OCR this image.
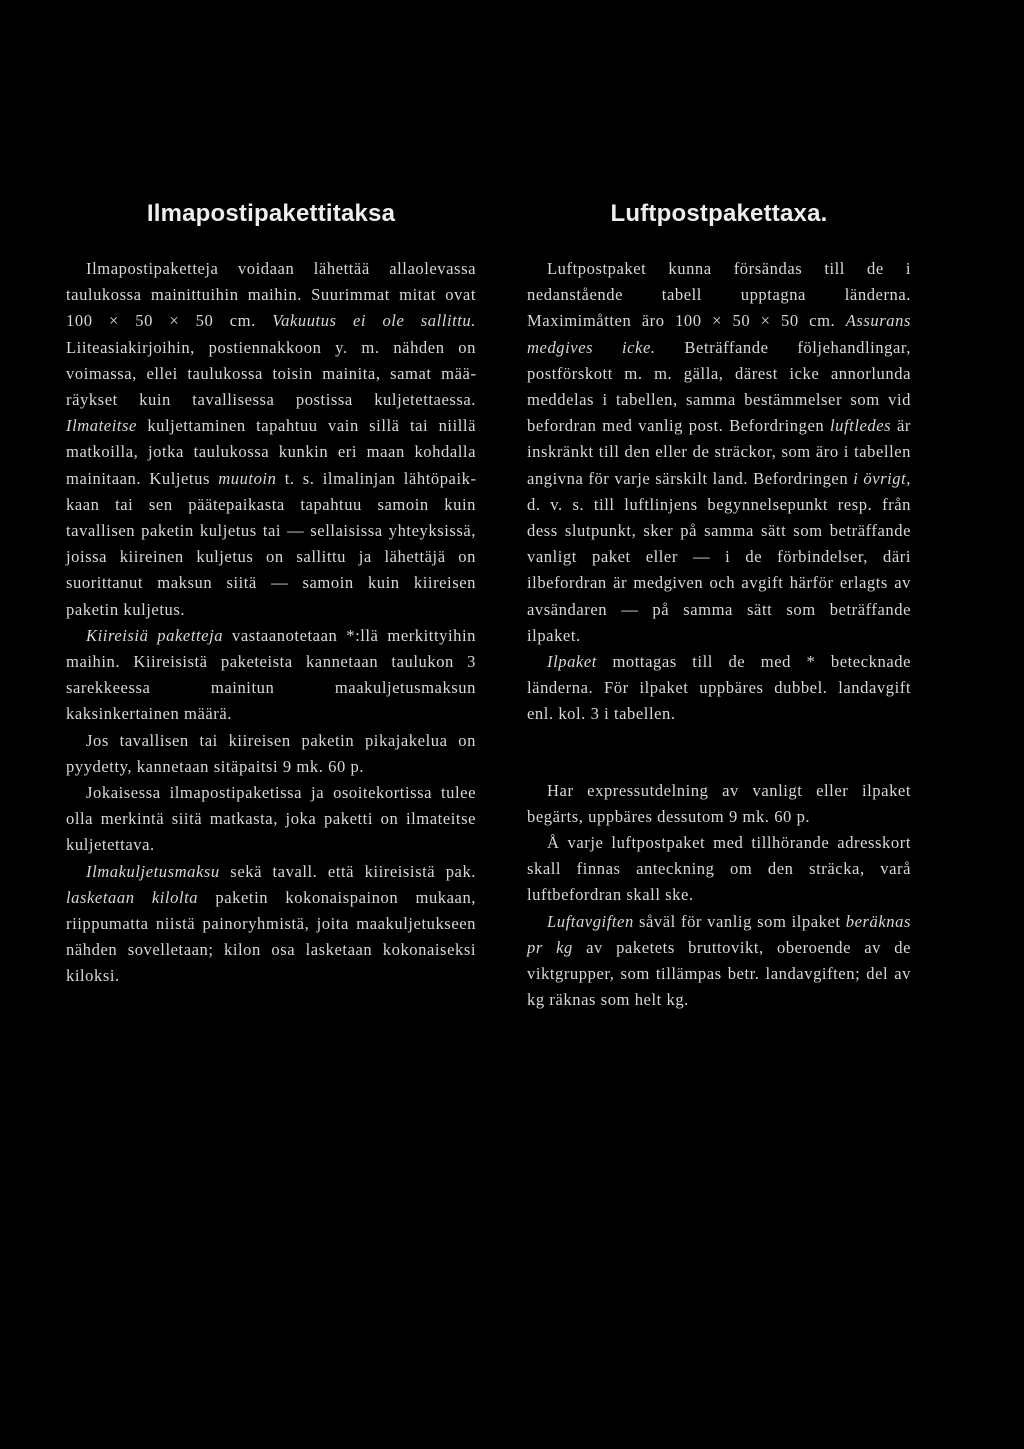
Ilmapostipakettitaksa

Ilmapostipaketteja voidaan lähettää allaolevassa taulukossa mainittuihin maihin. Suurimmat mitat ovat 100 × 50 × 50 cm. Vakuutus ei ole sallittu. Liiteasiakirjoihin, postiennakkoon y. m. nähden on voimassa, ellei taulukossa toisin mainita, samat määräykset kuin tavallisessa postissa kuljetettaessa. Ilmateitse kuljettaminen tapahtuu vain sillä tai niillä matkoilla, jotka taulukossa kunkin eri maan kohdalla mainitaan. Kuljetus muutoin t. s. ilmalinjan lähtöpaikkaan tai sen päätepaikasta tapahtuu samoin kuin tavallisen paketin kuljetus tai — sellaisissa yhteyksissä, joissa kiireinen kuljetus on sallittu ja lähettäjä on suorittanut maksun siitä — samoin kuin kiireisen paketin kuljetus.

Kiireisiä paketteja vastaanotetaan *:llä merkittyihin maihin. Kiireisistä paketeista kannetaan taulukon 3 sarekkeessa mainitun maakuljetusmaksun kaksinkertainen määrä.

Jos tavallisen tai kiireisen paketin pikajakelua on pyydetty, kannetaan sitäpaitsi 9 mk. 60 p.

Jokaisessa ilmapostipaketissa ja osoitekortissa tulee olla merkintä siitä matkasta, joka paketti on ilmateitse kuljetettava.

Ilmakuljetusmaksu sekä tavall. että kiireisistä pak. lasketaan kilolta paketin kokonaispainon mukaan, riippumatta niistä painoryhmistä, joita maakuljetukseen nähden sovelletaan; kilon osa lasketaan kokonaiseksi kiloksi.

Luftpostpakettaxa.

Luftpostpaket kunna försändas till de i nedanstående tabell upptagna länderna. Maximimåtten äro 100 × 50 × 50 cm. Assurans medgives icke. Beträffande följehandlingar, postförskott m. m. gälla, därest icke annorlunda meddelas i tabellen, samma bestämmelser som vid befordran med vanlig post. Befordringen luftledes är inskränkt till den eller de sträckor, som äro i tabellen angivna för varje särskilt land. Befordringen i övrigt, d. v. s. till luftlinjens begynnelsepunkt resp. från dess slutpunkt, sker på samma sätt som beträffande vanligt paket eller — i de förbindelser, däri ilbefordran är medgiven och avgift härför erlagts av avsändaren — på samma sätt som beträffande ilpaket.

Ilpaket mottagas till de med * betecknade länderna. För ilpaket uppbäres dubbel. landavgift enl. kol. 3 i tabellen.

Har expressutdelning av vanligt eller ilpaket begärts, uppbäres dessutom 9 mk. 60 p.

Å varje luftpostpaket med tillhörande adresskort skall finnas anteckning om den sträcka, varå luftbefordran skall ske.

Luftavgiften såväl för vanlig som ilpaket beräknas pr kg av paketets bruttovikt, oberoende av de viktgrupper, som tillämpas betr. landavgiften; del av kg räknas som helt kg.
